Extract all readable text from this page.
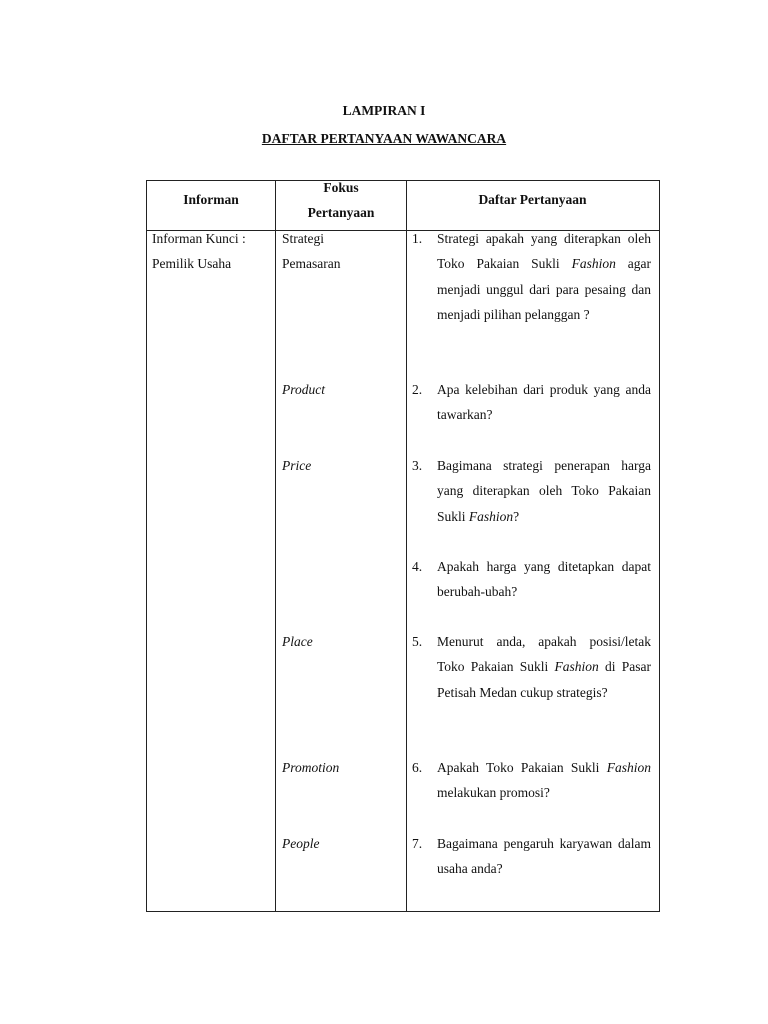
LAMPIRAN I
DAFTAR PERTANYAAN WAWANCARA
Informan
Fokus
Pertanyaan
Daftar Pertanyaan
Informan Kunci :
Pemilik Usaha
Strategi
Pemasaran
Product
Price
Place
Promotion
People
1. Strategi apakah yang diterapkan oleh Toko Pakaian Sukli Fashion agar menjadi unggul dari para pesaing dan menjadi pilihan pelanggan ?
2. Apa kelebihan dari produk yang anda tawarkan?
3. Bagimana strategi penerapan harga yang diterapkan oleh Toko Pakaian Sukli Fashion?
4. Apakah harga yang ditetapkan dapat berubah-ubah?
5. Menurut anda, apakah posisi/letak Toko Pakaian Sukli Fashion di Pasar Petisah Medan cukup strategis?
6. Apakah Toko Pakaian Sukli Fashion melakukan promosi?
7. Bagaimana pengaruh karyawan dalam usaha anda?
